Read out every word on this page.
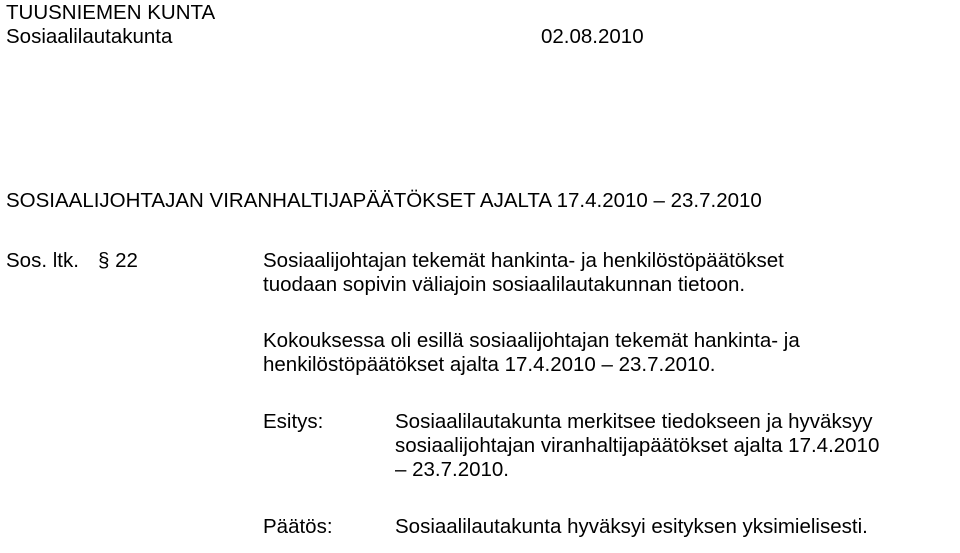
TUUSNIEMEN KUNTA
Sosiaalilautakunta	02.08.2010
SOSIAALIJOHTAJAN VIRANHALTIJAPÄÄTÖKSET AJALTA 17.4.2010 – 23.7.2010
Sos. ltk. § 22	Sosiaalijohtajan tekemät hankinta- ja henkilöstöpäätökset
tuodaan sopivin väliajoin sosiaalilautakunnan tietoon.
Kokouksessa oli esillä sosiaalijohtajan tekemät hankinta- ja
henkilöstöpäätökset ajalta 17.4.2010 – 23.7.2010.
Esitys:	Sosiaalilautakunta merkitsee tiedokseen ja hyväksyy
sosiaalijohtajan viranhaltijapäätökset ajalta 17.4.2010
– 23.7.2010.
Päätös:	Sosiaalilautakunta hyväksyi esityksen yksimielisesti.
